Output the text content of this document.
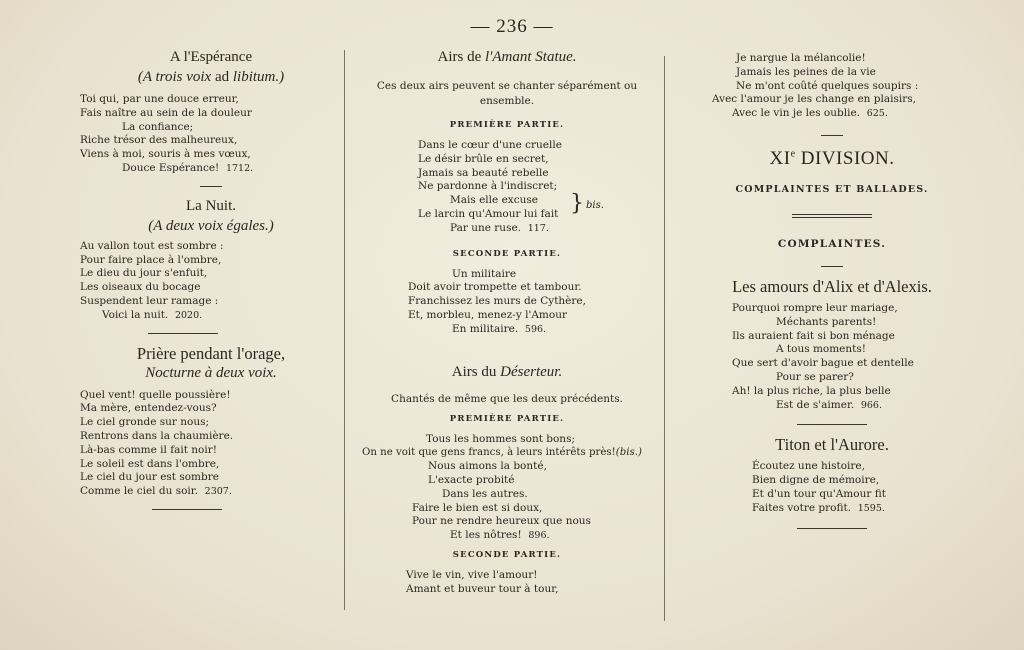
— 236 —

A l'Espérance

(A trois voix ad libitum.)
Toi qui, par une douce erreur,
Fais naître au sein de la douleur
La confiance;
Riche trésor des malheureux,
Viens à moi, souris à mes vœux,
Douce Espérance! 1712.

La Nuit.

(A deux voix égales.)
Au vallon tout est sombre :
Pour faire place à l'ombre,
Le dieu du jour s'enfuit,
Les oiseaux du bocage
Suspendent leur ramage :
Voici la nuit. 2020.

Prière pendant l'orage,

Nocturne à deux voix.
Quel vent! quelle poussière!
Ma mère, entendez-vous?
Le ciel gronde sur nous;
Rentrons dans la chaumière.
Là-bas comme il fait noir!
Le soleil est dans l'ombre,
Le ciel du jour est sombre
Comme le ciel du soir. 2307.

Airs de l'Amant Statue.

Ces deux airs peuvent se chanter séparément ou ensemble.

PREMIÈRE PARTIE.
Dans le cœur d'une cruelle
Le désir brûle en secret,
Jamais sa beauté rebelle
Ne pardonne à l'indiscret;
Mais elle excuse
Le larcin qu'Amour lui fait
Par une ruse. 117.
} bis.
SECONDE PARTIE.
Un militaire
Doit avoir trompette et tambour.
Franchissez les murs de Cythère,
Et, morbleu, menez-y l'Amour
En militaire. 596.

Airs du Déserteur.

Chantés de même que les deux précédents.

PREMIÈRE PARTIE.
Tous les hommes sont bons;
On ne voit que gens francs, à leurs intérêts près!(bis.)
Nous aimons la bonté,
L'exacte probité
Dans les autres.
Faire le bien est si doux,
Pour ne rendre heureux que nous
Et les nôtres! 896.
SECONDE PARTIE.
Vive le vin, vive l'amour!
Amant et buveur tour à tour,
Je nargue la mélancolie!
Jamais les peines de la vie
Ne m'ont coûté quelques soupirs :
Avec l'amour je les change en plaisirs,
Avec le vin je les oublie. 625.
XIe DIVISION.
COMPLAINTES ET BALLADES.
COMPLAINTES.

Les amours d'Alix et d'Alexis.

Pourquoi rompre leur mariage,
Méchants parents!
Ils auraient fait si bon ménage
A tous moments!
Que sert d'avoir bague et dentelle
Pour se parer?
Ah! la plus riche, la plus belle
Est de s'aimer. 966.

Titon et l'Aurore.

Écoutez une histoire,
Bien digne de mémoire,
Et d'un tour qu'Amour fit
Faites votre profit. 1595.
